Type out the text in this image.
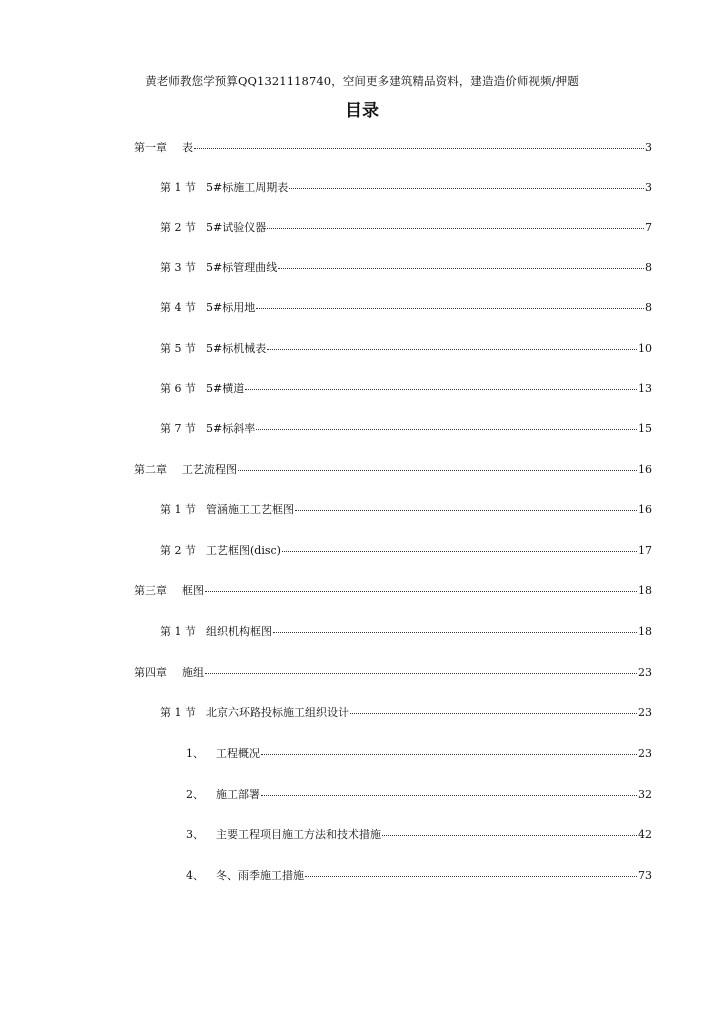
黄老师教您学预算QQ1321118740，空间更多建筑精品资料，建造造价师视频/押题
目录
第一章	表	3
第 1 节 5#标施工周期表	3
第 2 节 5#试验仪器	7
第 3 节 5#标管理曲线	8
第 4 节 5#标用地	8
第 5 节 5#标机械表	10
第 6 节 5#横道	13
第 7 节 5#标斜率	15
第二章	工艺流程图	16
第 1 节 管涵施工工艺框图	16
第 2 节 工艺框图(disc)	17
第三章	框图	18
第 1 节 组织机构框图	18
第四章	施组	23
第 1 节 北京六环路投标施工组织设计	23
1、	工程概况	23
2、	施工部署	32
3、	主要工程项目施工方法和技术措施	42
4、	冬、雨季施工措施	73
